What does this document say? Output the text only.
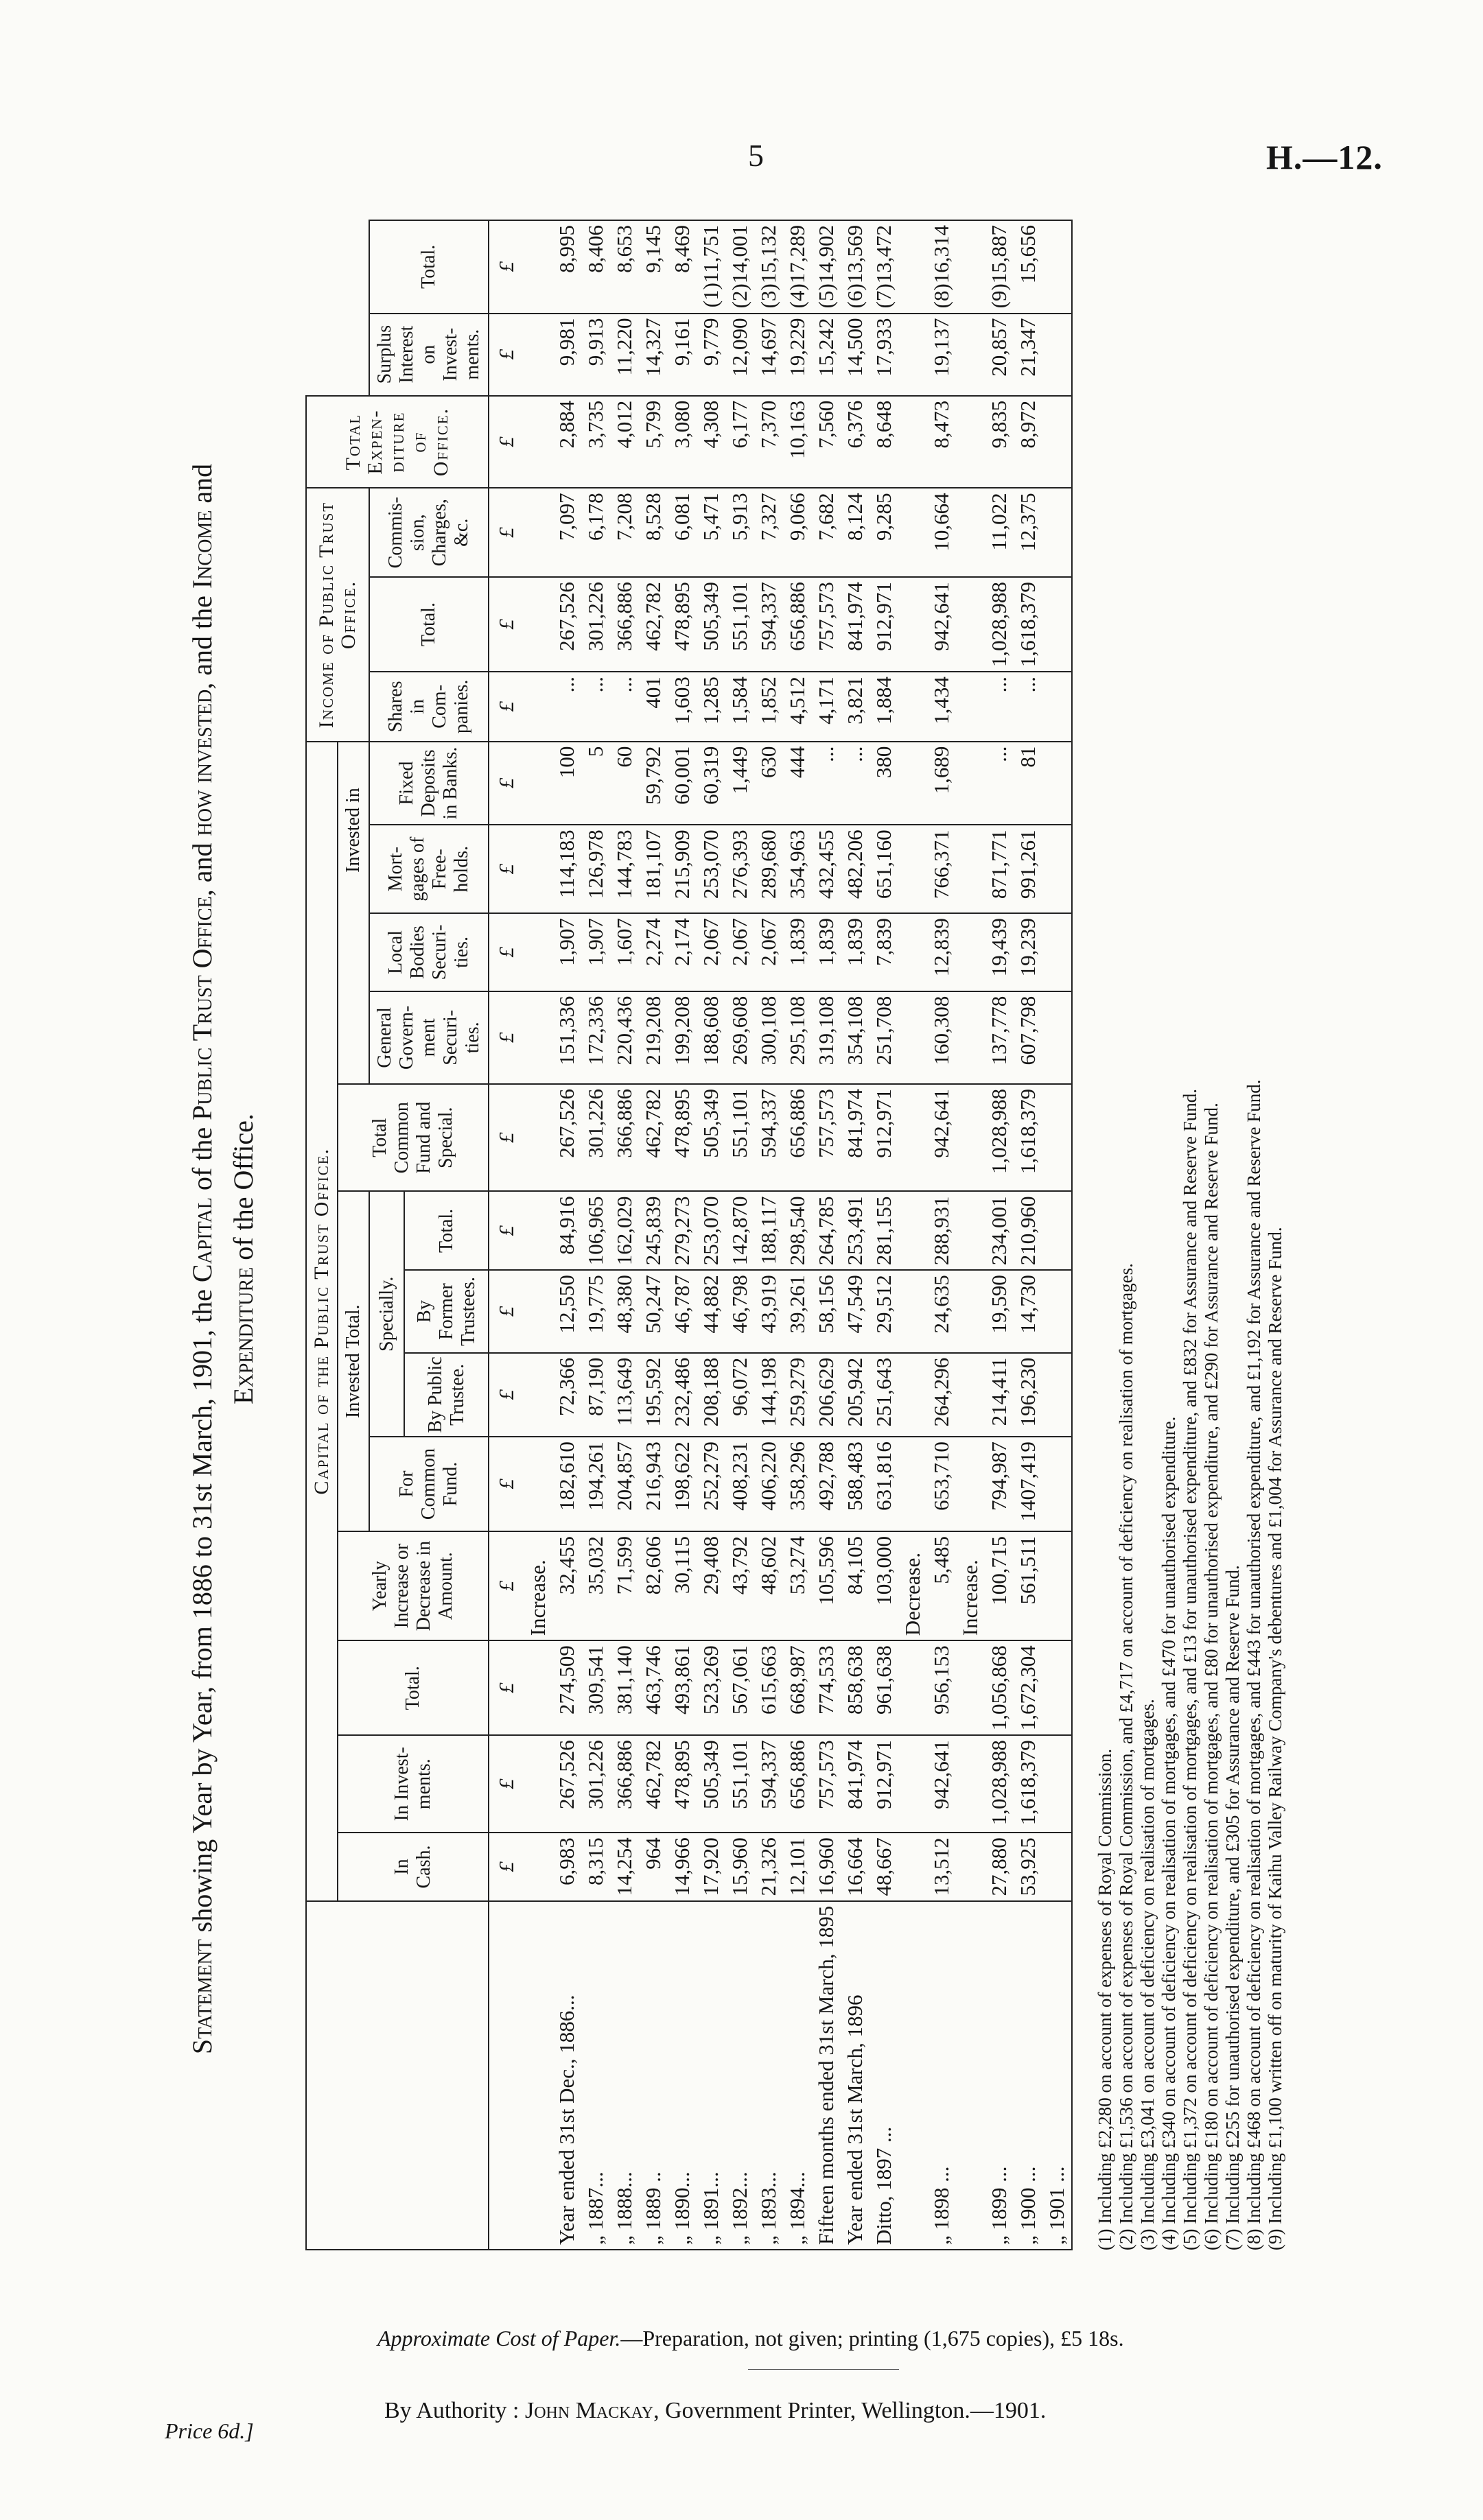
5	H.—12.
Statement showing Year by Year, from 1886 to 31st March, 1901, the Capital of the Public Trust Office, and how invested, and the Income and
Expenditure of the Office.
		Capital of the Public Trust Office.													Income of Public Trust Office.			Total Expen-diture of Office.		
	In Cash.	In Invest-ments.	Total.	Yearly Increase or Decrease in Amount.	Invested Total.				Total Common Fund and Special.	Invested in									
					For Common Fund.	Specially.				General Govern-ment Securi-ties.	Local Bodies Securi-ties.	Mort-gages of Free-holds.	Fixed Deposits in Banks.	Shares in Com-panies.	Total.	Commis-sion, Charges, &c.		Surplus Interest on Invest-ments.	Total.
						By Public Trustee.	By Former Trustees.	Total.											
	£	£	£	£	£	£	£	£	£	£	£	£	£	£	£	£	£	£	£
				Increase.															
Year ended 31st Dec., 1886...	6,983	267,526	274,509	32,455	182,610	72,366	12,550	84,916	267,526	151,336	1,907	114,183	100	...	267,526	7,097	2,884	9,981	8,995
„ 1887...	8,315	301,226	309,541	35,032	194,261	87,190	19,775	106,965	301,226	172,336	1,907	126,978	5	...	301,226	6,178	3,735	9,913	8,406
„ 1888...	14,254	366,886	381,140	71,599	204,857	113,649	48,380	162,029	366,886	220,436	1,607	144,783	60	...	366,886	7,208	4,012	11,220	8,653
„ 1889 ..	964	462,782	463,746	82,606	216,943	195,592	50,247	245,839	462,782	219,208	2,274	181,107	59,792	401	462,782	8,528	5,799	14,327	9,145
„ 1890...	14,966	478,895	493,861	30,115	198,622	232,486	46,787	279,273	478,895	199,208	2,174	215,909	60,001	1,603	478,895	6,081	3,080	9,161	8,469
„ 1891...	17,920	505,349	523,269	29,408	252,279	208,188	44,882	253,070	505,349	188,608	2,067	253,070	60,319	1,285	505,349	5,471	4,308	9,779	(1)11,751
„ 1892...	15,960	551,101	567,061	43,792	408,231	96,072	46,798	142,870	551,101	269,608	2,067	276,393	1,449	1,584	551,101	5,913	6,177	12,090	(2)14,001
„ 1893...	21,326	594,337	615,663	48,602	406,220	144,198	43,919	188,117	594,337	300,108	2,067	289,680	630	1,852	594,337	7,327	7,370	14,697	(3)15,132
„ 1894...	12,101	656,886	668,987	53,274	358,296	259,279	39,261	298,540	656,886	295,108	1,839	354,963	444	4,512	656,886	9,066	10,163	19,229	(4)17,289
Fifteen months ended 31st March, 1895	16,960	757,573	774,533	105,596	492,788	206,629	58,156	264,785	757,573	319,108	1,839	432,455	...	4,171	757,573	7,682	7,560	15,242	(5)14,902
Year ended 31st March, 1896	16,664	841,974	858,638	84,105	588,483	205,942	47,549	253,491	841,974	354,108	1,839	482,206	...	3,821	841,974	8,124	6,376	14,500	(6)13,569
Ditto, 1897 ...	48,667	912,971	961,638	103,000	631,816	251,643	29,512	281,155	912,971	251,708	7,839	651,160	380	1,884	912,971	9,285	8,648	17,933	(7)13,472
				Decrease.															
„ 1898 ...	13,512	942,641	956,153	5,485	653,710	264,296	24,635	288,931	942,641	160,308	12,839	766,371	1,689	1,434	942,641	10,664	8,473	19,137	(8)16,314
				Increase.															
„ 1899 ...	27,880	1,028,988	1,056,868	100,715	794,987	214,411	19,590	234,001	1,028,988	137,778	19,439	871,771	...	...	1,028,988	11,022	9,835	20,857	(9)15,887
„ 1900 ...	53,925	1,618,379	1,672,304	561,511	1407,419	196,230	14,730	210,960	1,618,379	607,798	19,239	991,261	81	...	1,618,379	12,375	8,972	21,347	15,656
„ 1901 ...																			(1) Including £2,280 on account of expenses of Royal Commission. (2) Including £1,536 on account of expenses of Royal Commission, and £4,717 on account of deficiency on realisation of mortgages. (3) Including £3,041 on account of deficiency on realisation of mortgages. (4) Including £340 on account of deficiency on realisation of mortgages, and £470 for unauthorised expenditure. (5) Including £1,372 on account of deficiency on realisation of mortgages, and £13 for unauthorised expenditure, and £832 for Assurance and Reserve Fund. (6) Including £180 on account of deficiency on realisation of mortgages, and £80 for unauthorised expenditure, and £290 for Assurance and Reserve Fund. (7) Including £255 for unauthorised expenditure, and £305 for Assurance and Reserve Fund. (8) Including £468 on account of deficiency on realisation of mortgages, and £443 for unauthorised expenditure, and £1,192 for Assurance and Reserve Fund. (9) Including £1,100 written off on maturity of Kaihu Valley Railway Company's debentures and £1,004 for Assurance and Reserve Fund.
Approximate Cost of Paper.—Preparation, not given; printing (1,675 copies), £5 18s.
Price 6d.]
By Authority : John Mackay, Government Printer, Wellington.—1901.
